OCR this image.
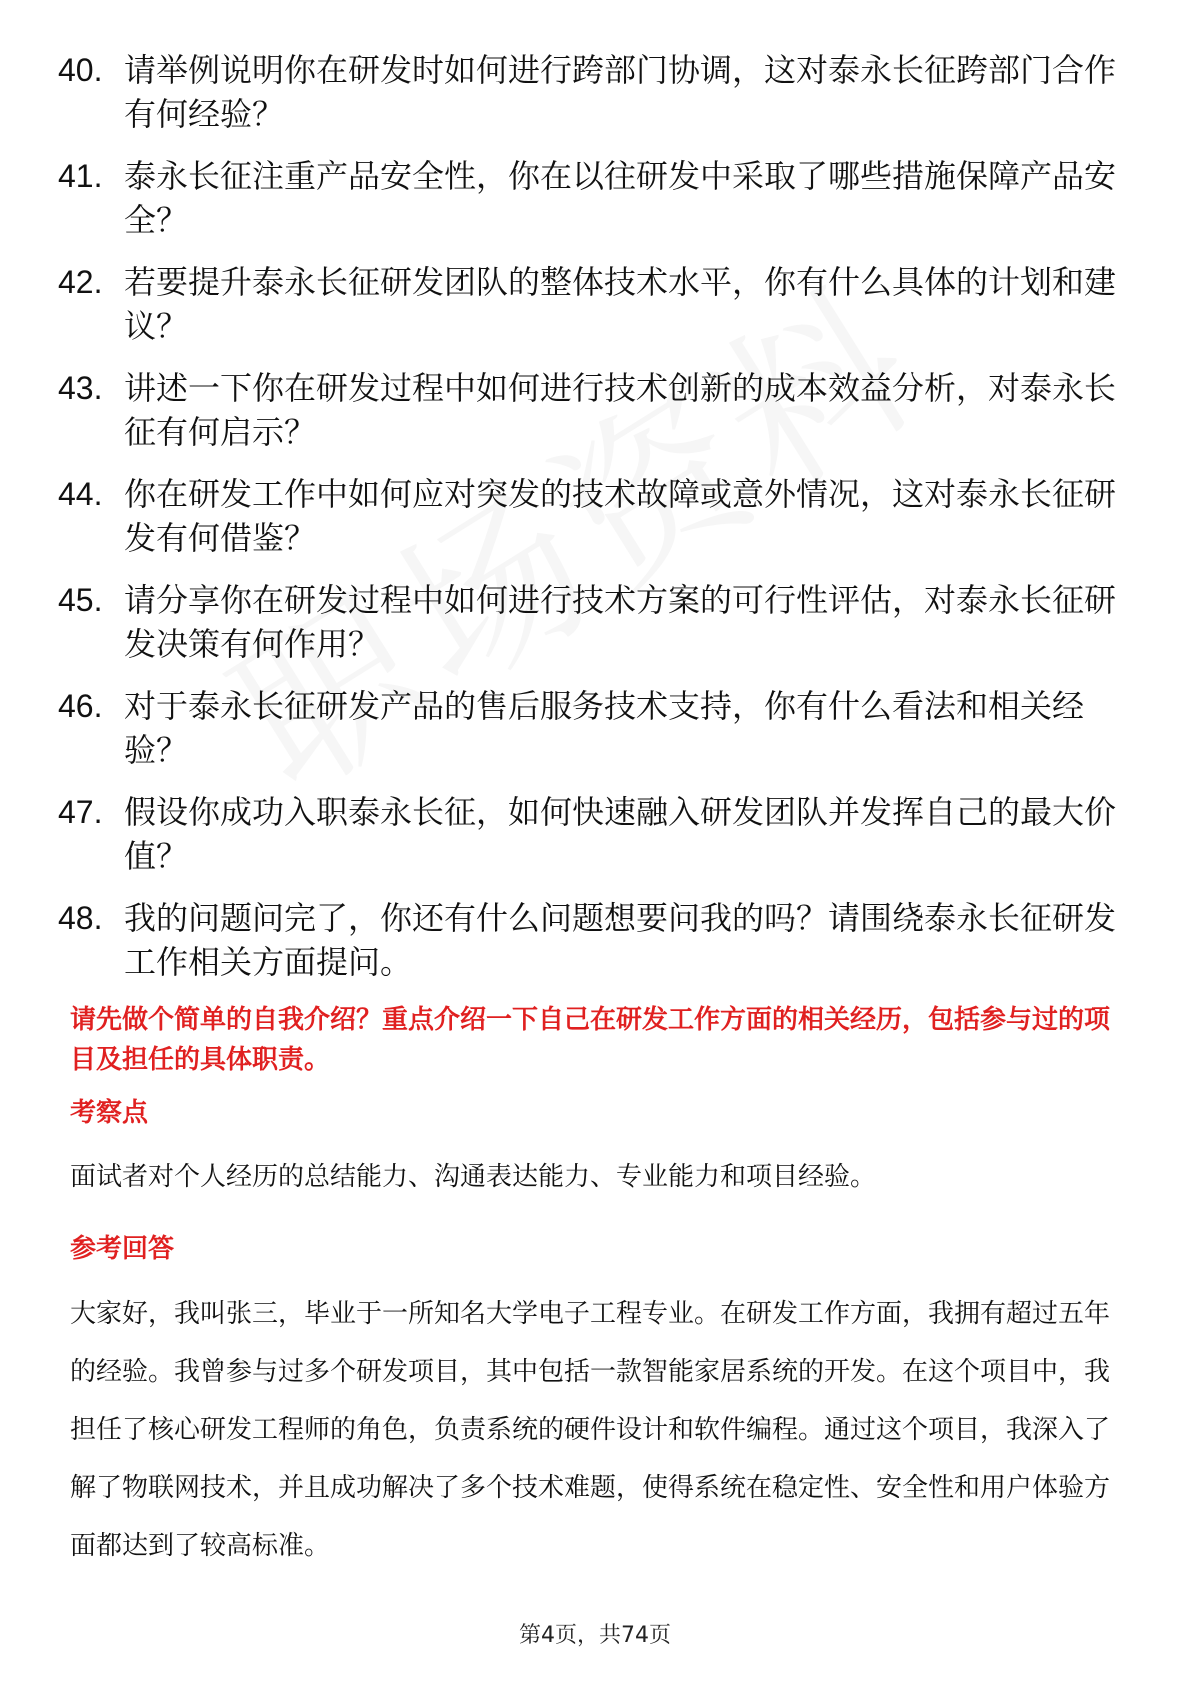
40. 请举例说明你在研发时如何进行跨部门协调，这对泰永长征跨部门合作有何经验？
41. 泰永长征注重产品安全性，你在以往研发中采取了哪些措施保障产品安全？
42. 若要提升泰永长征研发团队的整体技术水平，你有什么具体的计划和建议？
43. 讲述一下你在研发过程中如何进行技术创新的成本效益分析，对泰永长征有何启示？
44. 你在研发工作中如何应对突发的技术故障或意外情况，这对泰永长征研发有何借鉴？
45. 请分享你在研发过程中如何进行技术方案的可行性评估，对泰永长征研发决策有何作用？
46. 对于泰永长征研发产品的售后服务技术支持，你有什么看法和相关经验？
47. 假设你成功入职泰永长征，如何快速融入研发团队并发挥自己的最大价值？
48. 我的问题问完了，你还有什么问题想要问我的吗？请围绕泰永长征研发工作相关方面提问。

请先做个简单的自我介绍？重点介绍一下自己在研发工作方面的相关经历，包括参与过的项目及担任的具体职责。

考察点

面试者对个人经历的总结能力、沟通表达能力、专业能力和项目经验。

参考回答

大家好，我叫张三，毕业于一所知名大学电子工程专业。在研发工作方面，我拥有超过五年的经验。我曾参与过多个研发项目，其中包括一款智能家居系统的开发。在这个项目中，我担任了核心研发工程师的角色，负责系统的硬件设计和软件编程。通过这个项目，我深入了解了物联网技术，并且成功解决了多个技术难题，使得系统在稳定性、安全性和用户体验方面都达到了较高标准。

第4页，共74页
